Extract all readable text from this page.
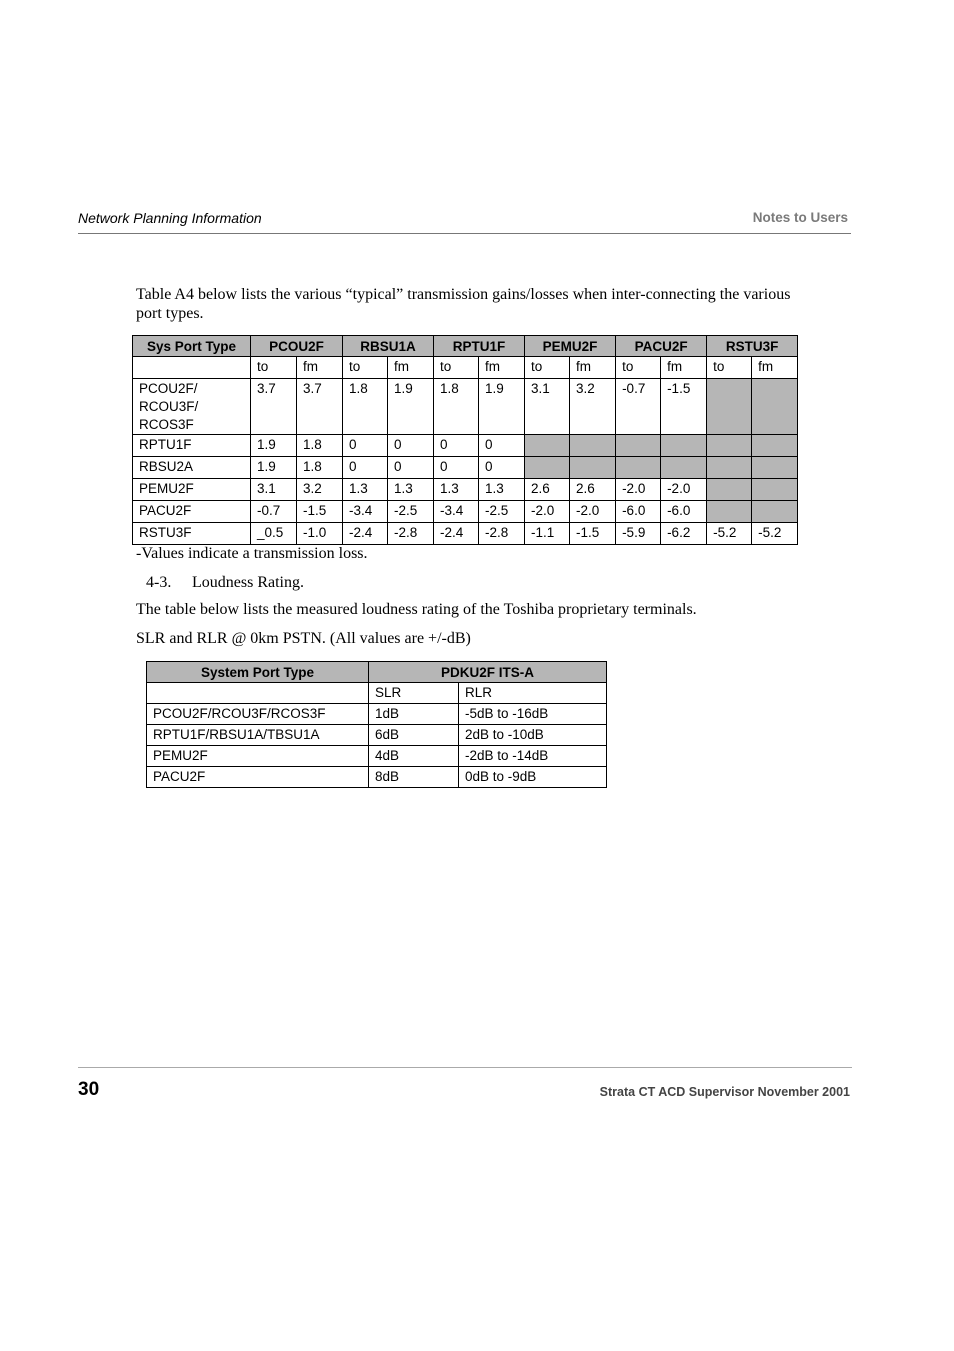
Network Planning Information	Notes to Users
Table A4 below lists the various “typical” transmission gains/losses when inter-connecting the various port types.
Sys Port Type	PCOU2F		RBSU1A		RPTU1F		PEMU2F		PACU2F		RSTU3F	
	to	fm	to	fm	to	fm	to	fm	to	fm	to	fm
PCOU2F/ RCOU3F/ RCOS3F	3.7	3.7	1.8	1.9	1.8	1.9	3.1	3.2	-0.7	-1.5		
RPTU1F	1.9	1.8	0	0	0	0						
RBSU2A	1.9	1.8	0	0	0	0						
PEMU2F	3.1	3.2	1.3	1.3	1.3	1.3	2.6	2.6	-2.0	-2.0		
PACU2F	-0.7	-1.5	-3.4	-2.5	-3.4	-2.5	-2.0	-2.0	-6.0	-6.0		
RSTU3F	_0.5	-1.0	-2.4	-2.8	-2.4	-2.8	-1.1	-1.5	-5.9	-6.2	-5.2	-5.2
-Values indicate a transmission loss.
4-3. Loudness Rating.
The table below lists the measured loudness rating of the Toshiba proprietary terminals.
SLR and RLR @ 0km PSTN. (All values are +/-dB)
System Port Type	PDKU2F ITS-A	
	SLR	RLR
PCOU2F/RCOU3F/RCOS3F	1dB	-5dB to -16dB
RPTU1F/RBSU1A/TBSU1A	6dB	2dB to -10dB
PEMU2F	4dB	-2dB to -14dB
PACU2F	8dB	0dB to -9dB
30	Strata CT ACD Supervisor November 2001
